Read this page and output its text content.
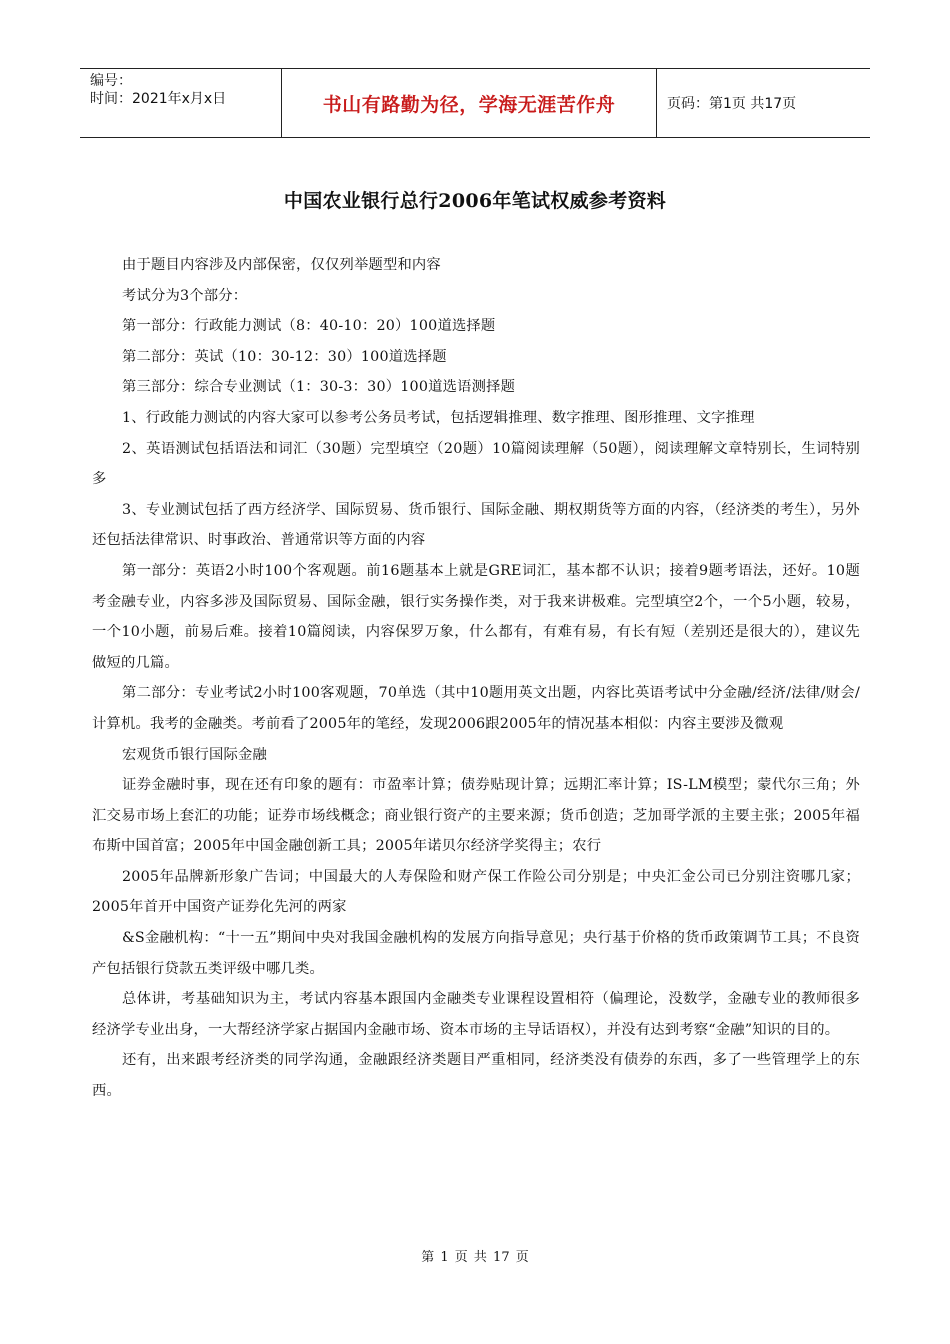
编号：
时间：2021年x月x日	书山有路勤为径，学海无涯苦作舟	页码：第1页 共17页
中国农业银行总行2006年笔试权威参考资料

由于题目内容涉及内部保密，仅仅列举题型和内容

考试分为3个部分：

第一部分：行政能力测试（8：40-10：20）100道选择题

第二部分：英试（10：30-12：30）100道选择题

第三部分：综合专业测试（1：30-3：30）100道选语测择题

1、行政能力测试的内容大家可以参考公务员考试，包括逻辑推理、数字推理、图形推理、文字推理

2、英语测试包括语法和词汇（30题）完型填空（20题）10篇阅读理解（50题），阅读理解文章特别长，生词特别多

3、专业测试包括了西方经济学、国际贸易、货币银行、国际金融、期权期货等方面的内容，（经济类的考生），另外还包括法律常识、时事政治、普通常识等方面的内容

第一部分：英语2小时100个客观题。前16题基本上就是GRE词汇，基本都不认识；接着9题考语法，还好。10题考金融专业，内容多涉及国际贸易、国际金融，银行实务操作类，对于我来讲极难。完型填空2个，一个5小题，较易，一个10小题，前易后难。接着10篇阅读，内容保罗万象，什么都有，有难有易，有长有短（差别还是很大的），建议先做短的几篇。

第二部分：专业考试2小时100客观题，70单选（其中10题用英文出题，内容比英语考试中分金融/经济/法律/财会/计算机。我考的金融类。考前看了2005年的笔经，发现2006跟2005年的情况基本相似：内容主要涉及微观

宏观货币银行国际金融

证券金融时事，现在还有印象的题有：市盈率计算；债券贴现计算；远期汇率计算；IS-LM模型；蒙代尔三角；外汇交易市场上套汇的功能；证券市场线概念；商业银行资产的主要来源；货币创造；芝加哥学派的主要主张；2005年福布斯中国首富；2005年中国金融创新工具；2005年诺贝尔经济学奖得主；农行

2005年品牌新形象广告词；中国最大的人寿保险和财产保工作险公司分别是；中央汇金公司已分别注资哪几家；2005年首开中国资产证券化先河的两家

&S金融机构：“十一五”期间中央对我国金融机构的发展方向指导意见；央行基于价格的货币政策调节工具；不良资产包括银行贷款五类评级中哪几类。

总体讲，考基础知识为主，考试内容基本跟国内金融类专业课程设置相符（偏理论，没数学，金融专业的教师很多经济学专业出身，一大帮经济学家占据国内金融市场、资本市场的主导话语权），并没有达到考察“金融”知识的目的。

还有，出来跟考经济类的同学沟通，金融跟经济类题目严重相同，经济类没有债券的东西，多了一些管理学上的东西。

第 1 页 共 17 页
